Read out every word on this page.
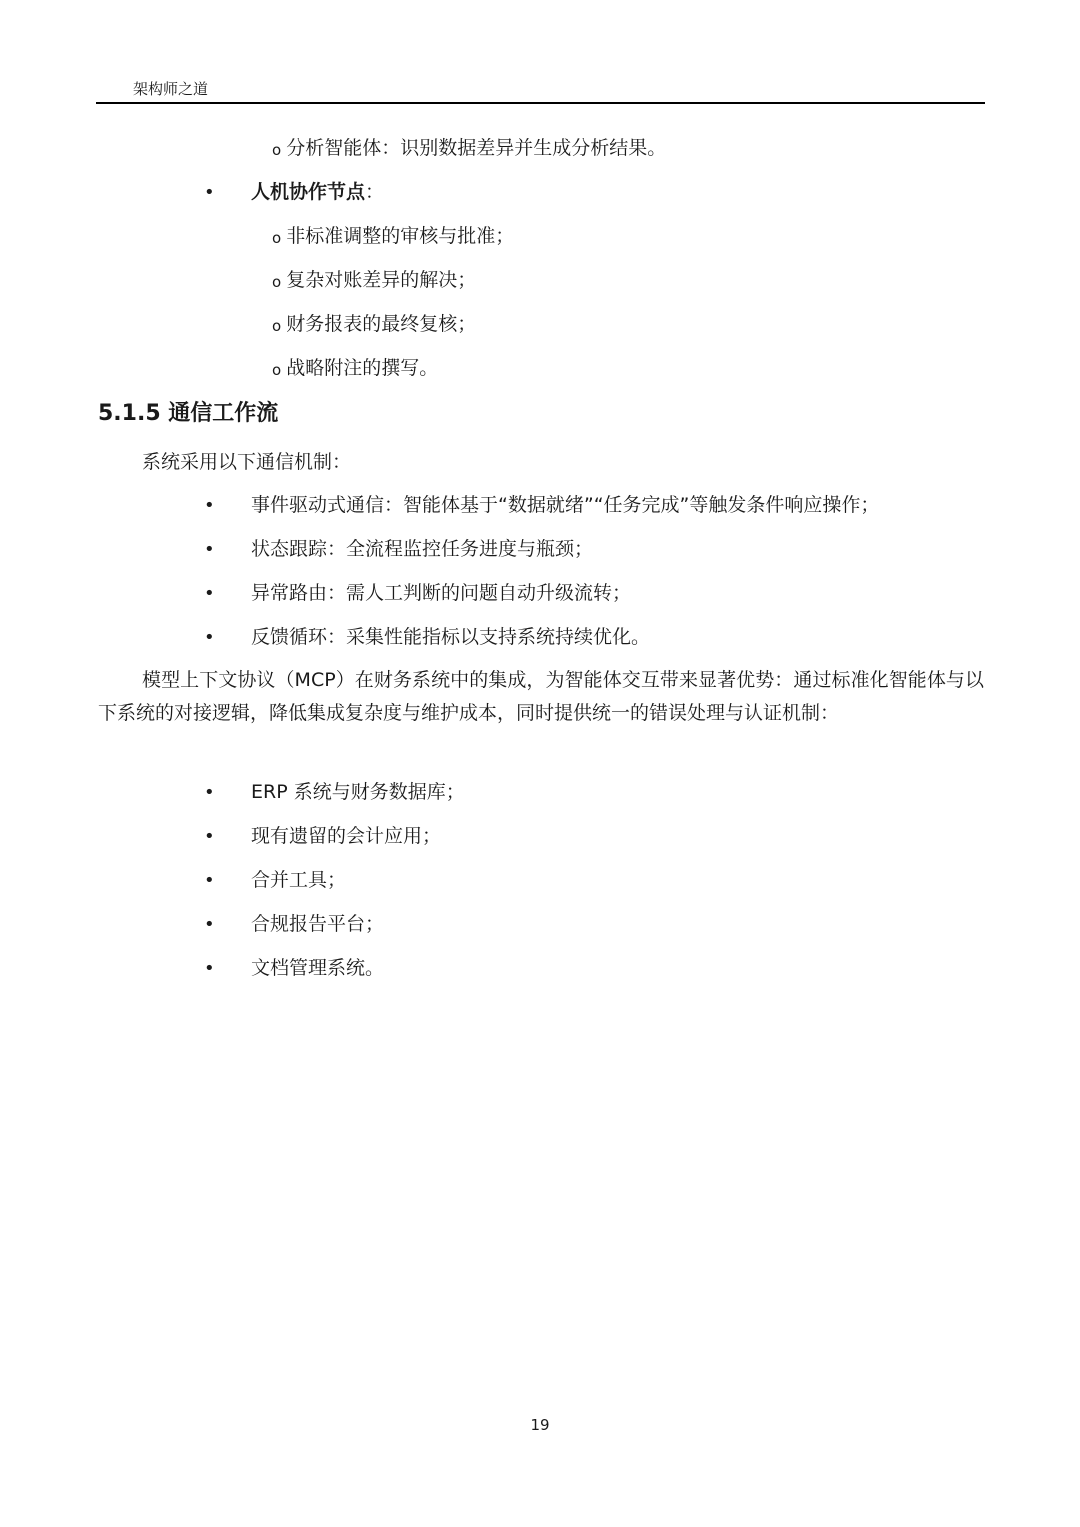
架构师之道
o 分析智能体：识别数据差异并生成分析结果。
• 人机协作节点：
o 非标准调整的审核与批准；
o 复杂对账差异的解决；
o 财务报表的最终复核；
o 战略附注的撰写。
5.1.5 通信工作流
系统采用以下通信机制：
• 事件驱动式通信：智能体基于“数据就绪”“任务完成”等触发条件响应操作；
• 状态跟踪：全流程监控任务进度与瓶颈；
• 异常路由：需人工判断的问题自动升级流转；
• 反馈循环：采集性能指标以支持系统持续优化。
模型上下文协议（MCP）在财务系统中的集成，为智能体交互带来显著优势：通过标准化智能体与以下系统的对接逻辑，降低集成复杂度与维护成本，同时提供统一的错误处理与认证机制：
• ERP 系统与财务数据库；
• 现有遗留的会计应用；
• 合并工具；
• 合规报告平台；
• 文档管理系统。
19
